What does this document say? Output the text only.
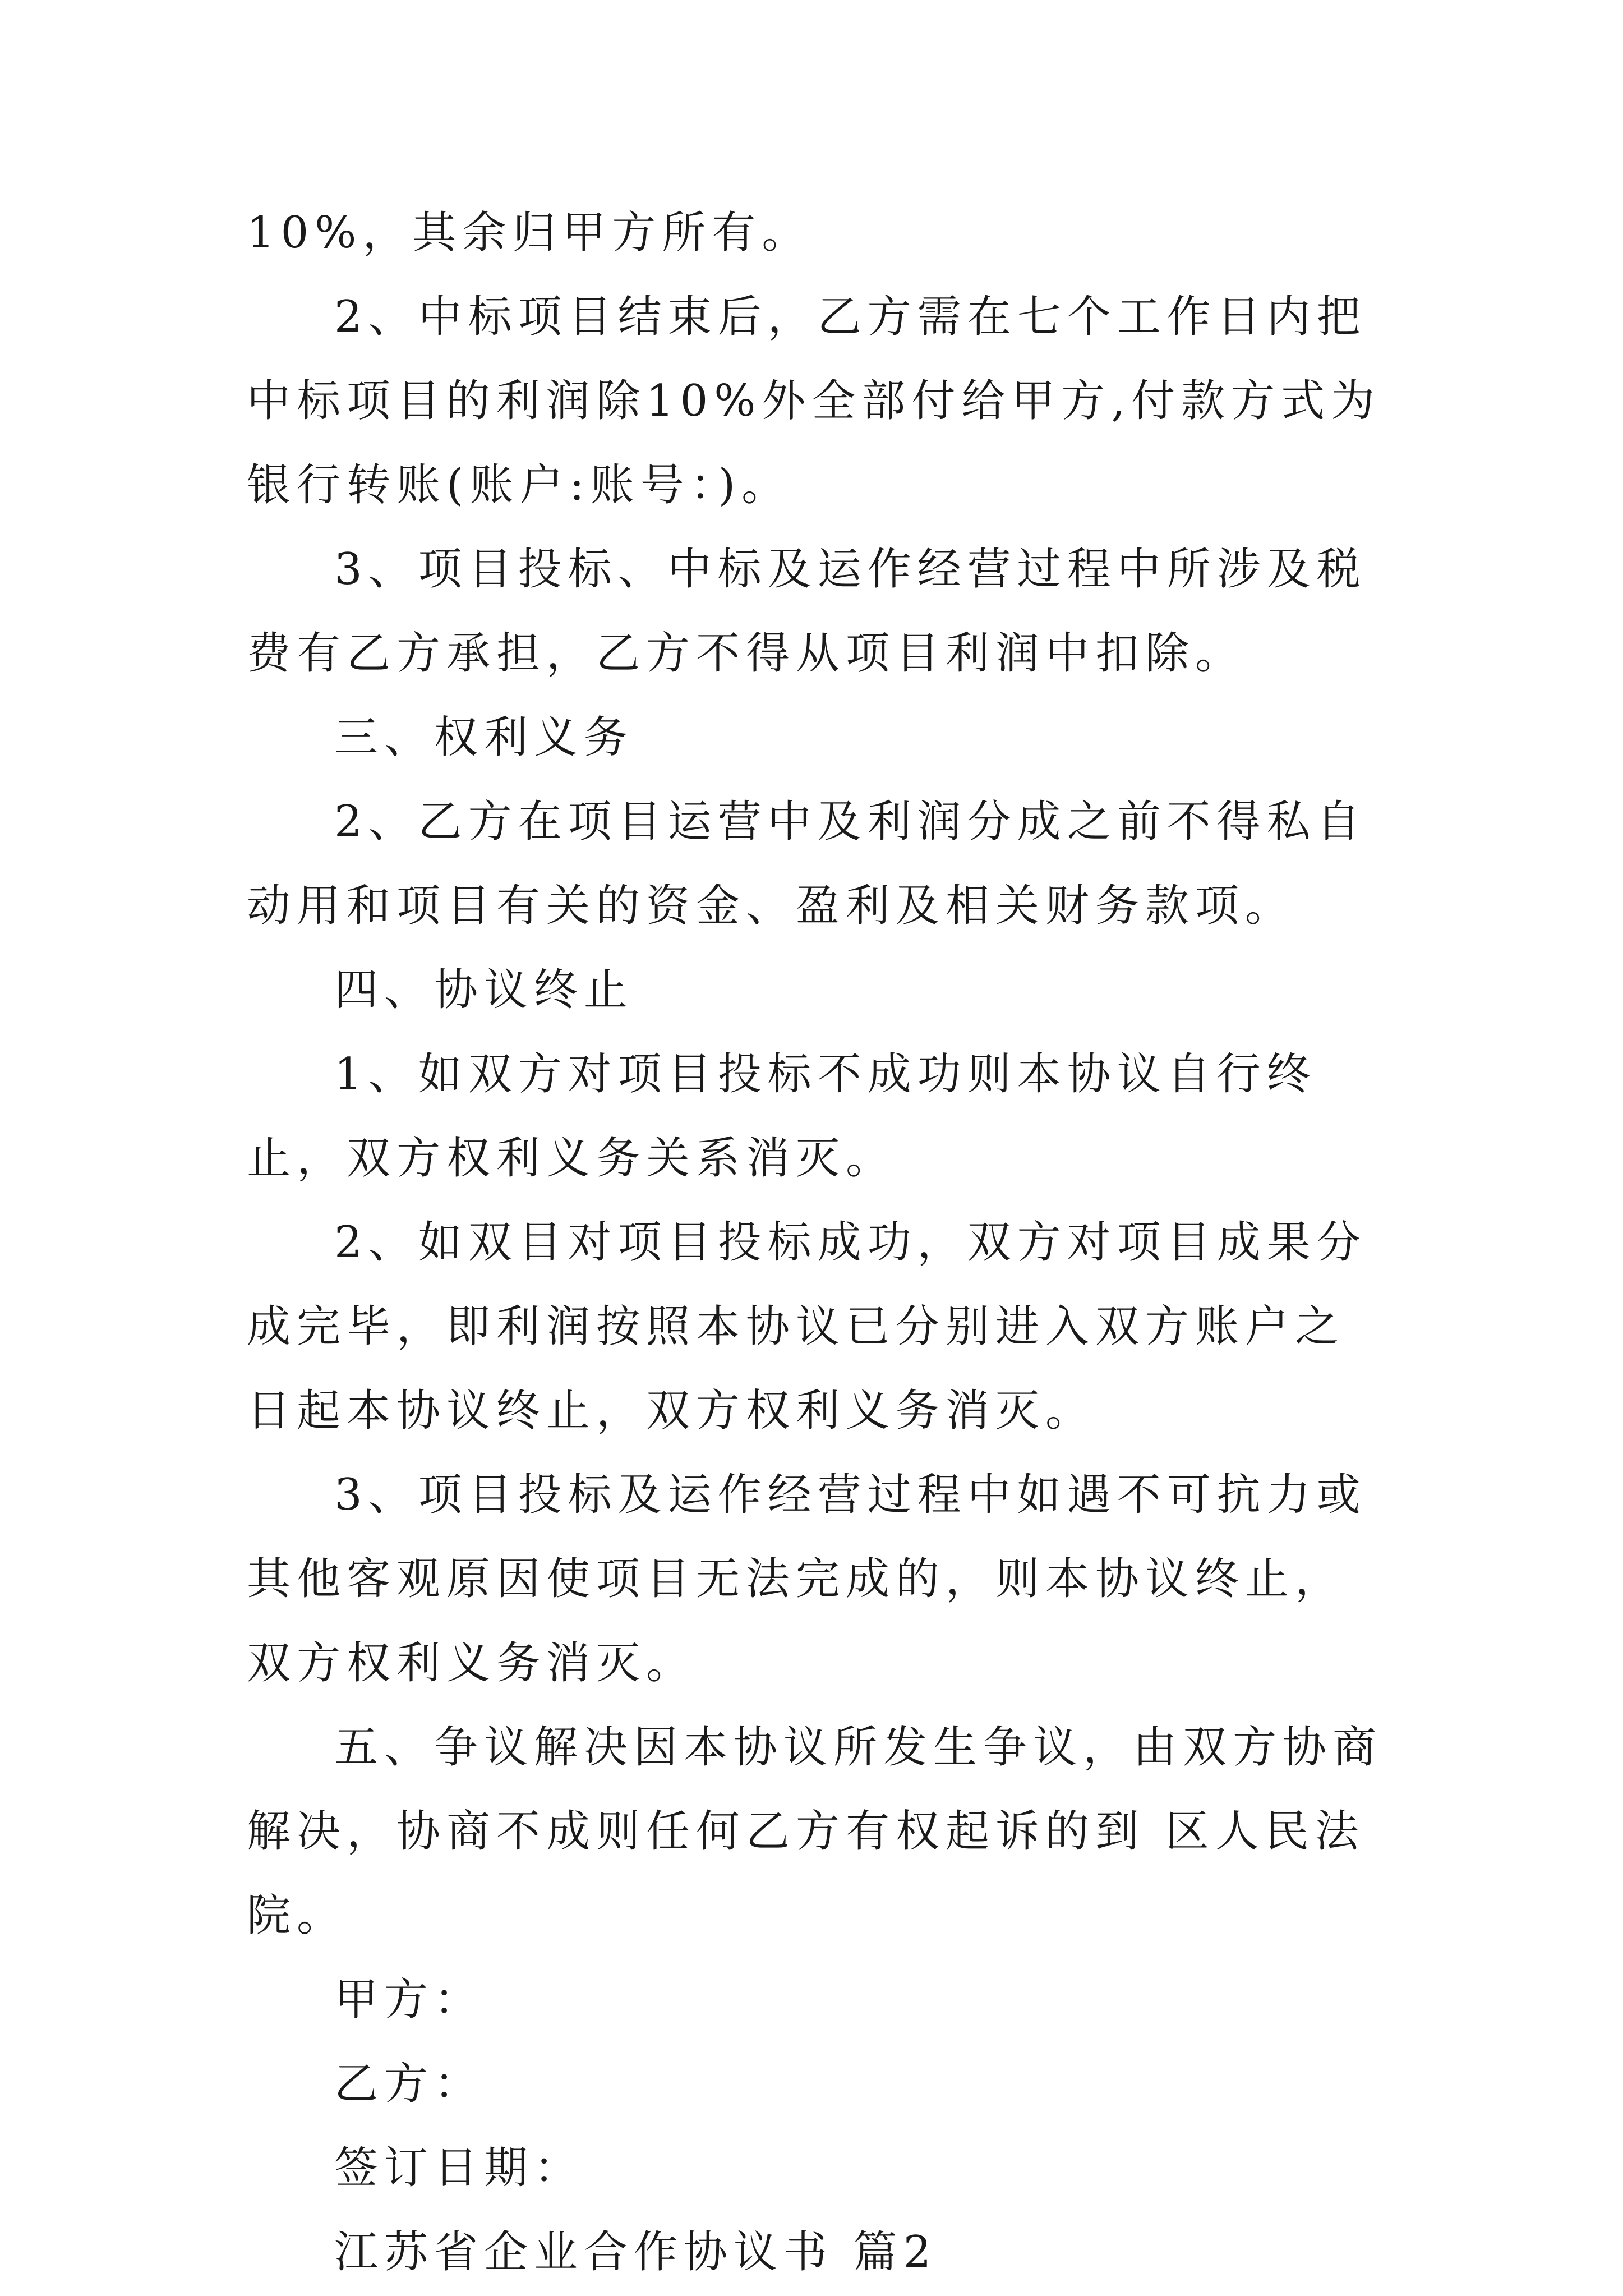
10%，其余归甲方所有。

2、中标项目结束后，乙方需在七个工作日内把中标项目的利润除10%外全部付给甲方,付款方式为银行转账(账户:账号：)。

3、项目投标、中标及运作经营过程中所涉及税费有乙方承担，乙方不得从项目利润中扣除。

三、权利义务

2、乙方在项目运营中及利润分成之前不得私自动用和项目有关的资金、盈利及相关财务款项。

四、协议终止

1、如双方对项目投标不成功则本协议自行终止，双方权利义务关系消灭。

2、如双目对项目投标成功，双方对项目成果分成完毕，即利润按照本协议已分别进入双方账户之日起本协议终止，双方权利义务消灭。

3、项目投标及运作经营过程中如遇不可抗力或其他客观原因使项目无法完成的，则本协议终止，双方权利义务消灭。

五、争议解决因本协议所发生争议，由双方协商解决，协商不成则任何乙方有权起诉的到 区人民法院。

甲方：

乙方：

签订日期：

江苏省企业合作协议书 篇2
